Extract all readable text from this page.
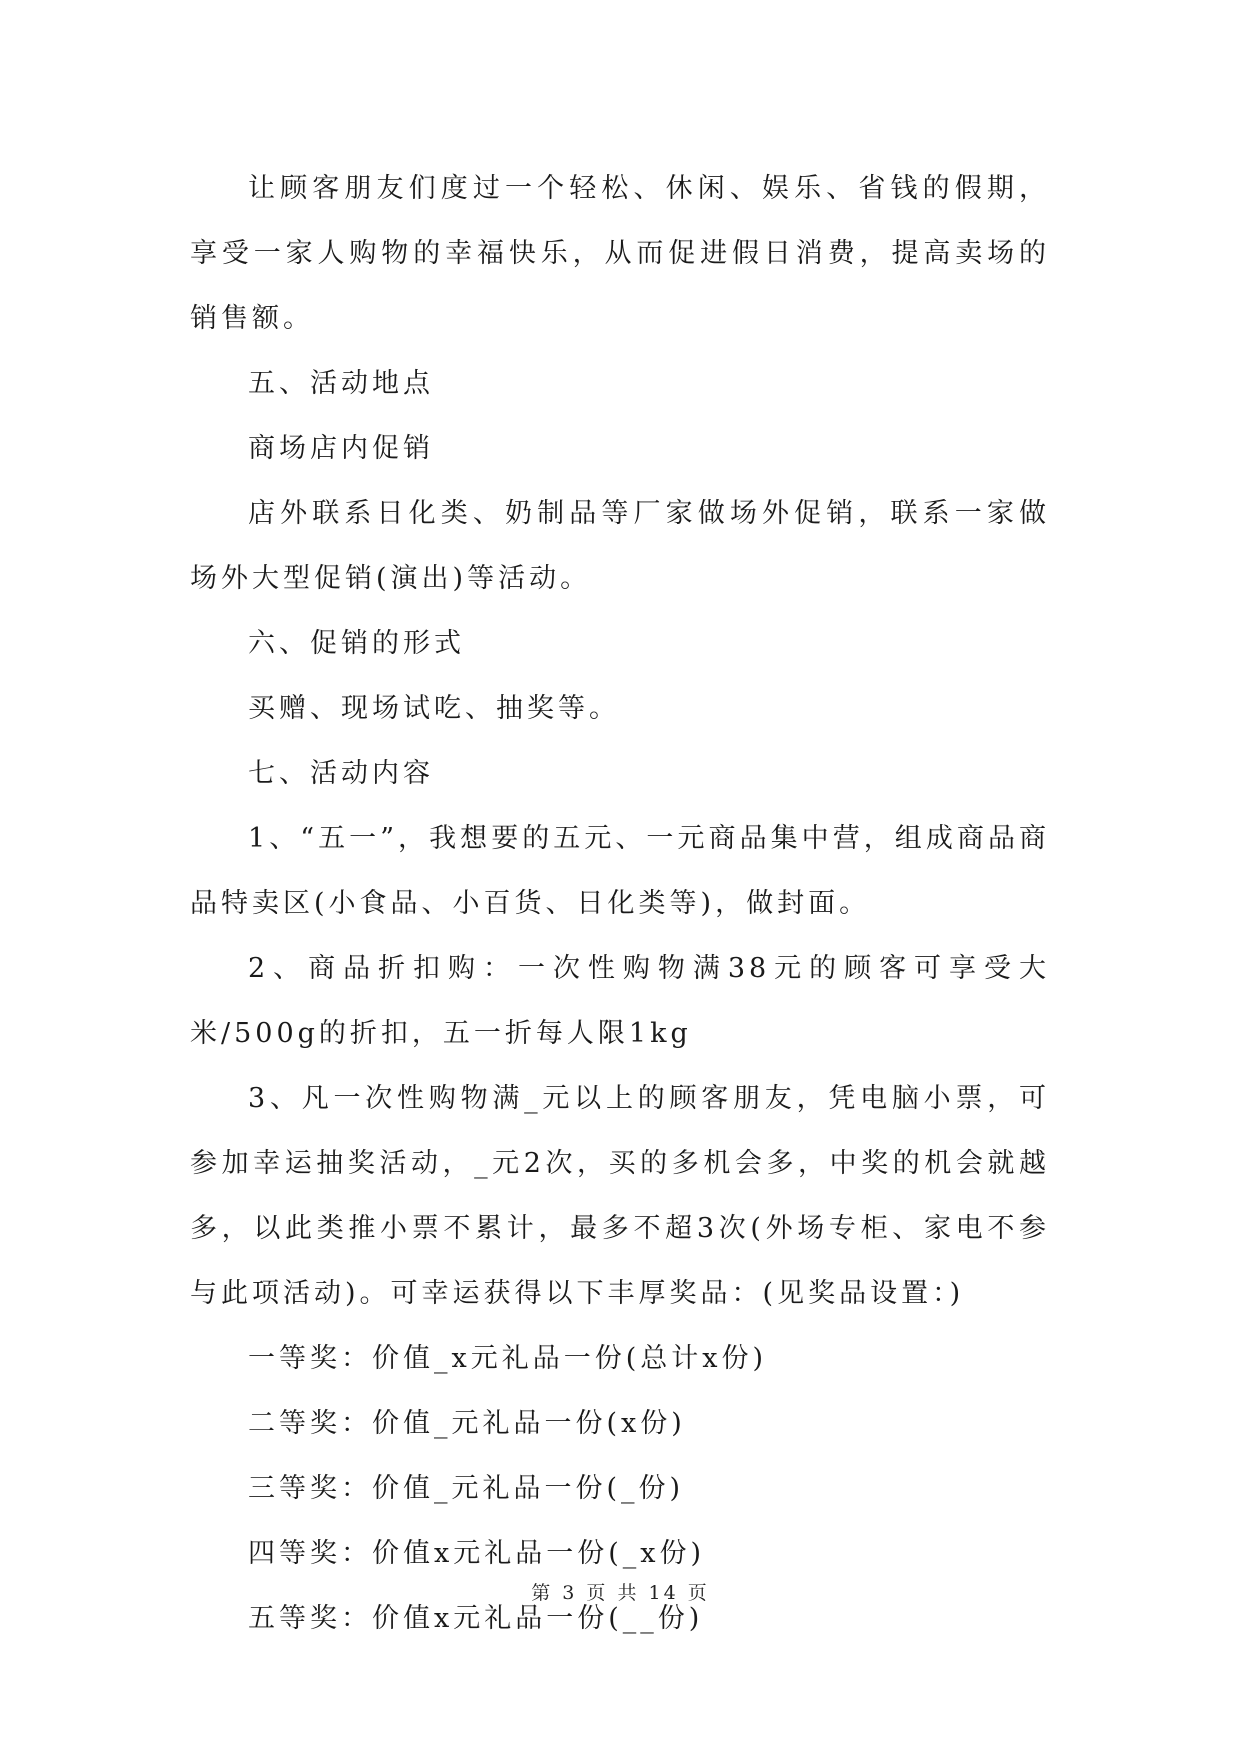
让顾客朋友们度过一个轻松、休闲、娱乐、省钱的假期，享受一家人购物的幸福快乐，从而促进假日消费，提高卖场的销售额。

五、活动地点

商场店内促销

店外联系日化类、奶制品等厂家做场外促销，联系一家做场外大型促销(演出)等活动。

六、促销的形式

买赠、现场试吃、抽奖等。

七、活动内容

1、“五一”，我想要的五元、一元商品集中营，组成商品商品特卖区(小食品、小百货、日化类等)，做封面。

2、商品折扣购：一次性购物满38元的顾客可享受大米/500g的折扣，五一折每人限1kg

3、凡一次性购物满_元以上的顾客朋友，凭电脑小票，可参加幸运抽奖活动，_元2次，买的多机会多，中奖的机会就越多，以此类推小票不累计，最多不超3次(外场专柜、家电不参与此项活动)。可幸运获得以下丰厚奖品：(见奖品设置：)

一等奖：价值_x元礼品一份(总计x份)

二等奖：价值_元礼品一份(x份)

三等奖：价值_元礼品一份(_份)

四等奖：价值x元礼品一份(_x份)

五等奖：价值x元礼品一份(__份)

第 3 页 共 14 页
